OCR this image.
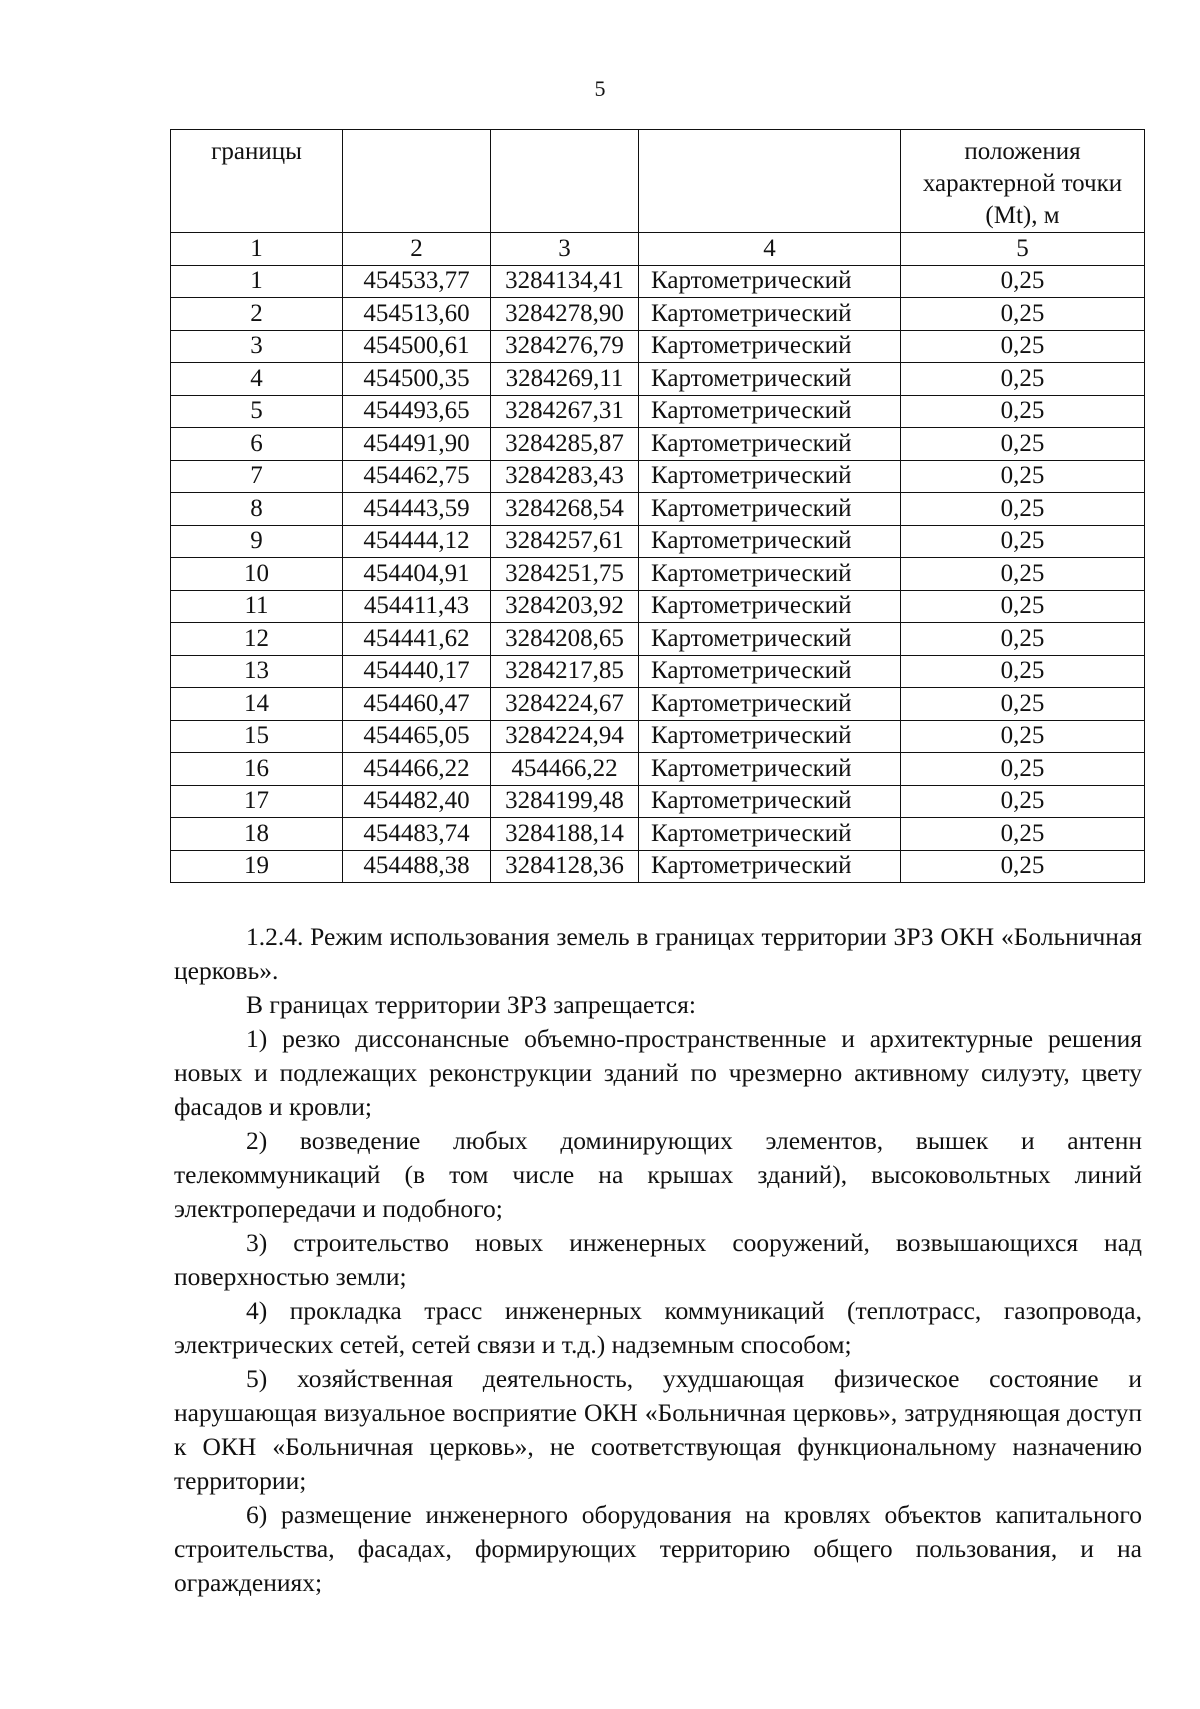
5
границы				положения характерной точки (Mt), м
1	2	3	4	5
1	454533,77	3284134,41	Картометрический	0,25
2	454513,60	3284278,90	Картометрический	0,25
3	454500,61	3284276,79	Картометрический	0,25
4	454500,35	3284269,11	Картометрический	0,25
5	454493,65	3284267,31	Картометрический	0,25
6	454491,90	3284285,87	Картометрический	0,25
7	454462,75	3284283,43	Картометрический	0,25
8	454443,59	3284268,54	Картометрический	0,25
9	454444,12	3284257,61	Картометрический	0,25
10	454404,91	3284251,75	Картометрический	0,25
11	454411,43	3284203,92	Картометрический	0,25
12	454441,62	3284208,65	Картометрический	0,25
13	454440,17	3284217,85	Картометрический	0,25
14	454460,47	3284224,67	Картометрический	0,25
15	454465,05	3284224,94	Картометрический	0,25
16	454466,22	454466,22	Картометрический	0,25
17	454482,40	3284199,48	Картометрический	0,25
18	454483,74	3284188,14	Картометрический	0,25
19	454488,38	3284128,36	Картометрический	0,25

1.2.4. Режим использования земель в границах территории ЗРЗ ОКН «Больничная церковь».

В границах территории ЗРЗ запрещается:

1) резко диссонансные объемно-пространственные и архитектурные решения новых и подлежащих реконструкции зданий по чрезмерно активному силуэту, цвету фасадов и кровли;

2) возведение любых доминирующих элементов, вышек и антенн телекоммуникаций (в том числе на крышах зданий), высоковольтных линий электропередачи и подобного;

3) строительство новых инженерных сооружений, возвышающихся над поверхностью земли;

4) прокладка трасс инженерных коммуникаций (теплотрасс, газопровода, электрических сетей, сетей связи и т.д.) надземным способом;

5) хозяйственная деятельность, ухудшающая физическое состояние и нарушающая визуальное восприятие ОКН «Больничная церковь», затрудняющая доступ к ОКН «Больничная церковь», не соответствующая функциональному назначению территории;

6) размещение инженерного оборудования на кровлях объектов капитального строительства, фасадах, формирующих территорию общего пользования, и на ограждениях;
